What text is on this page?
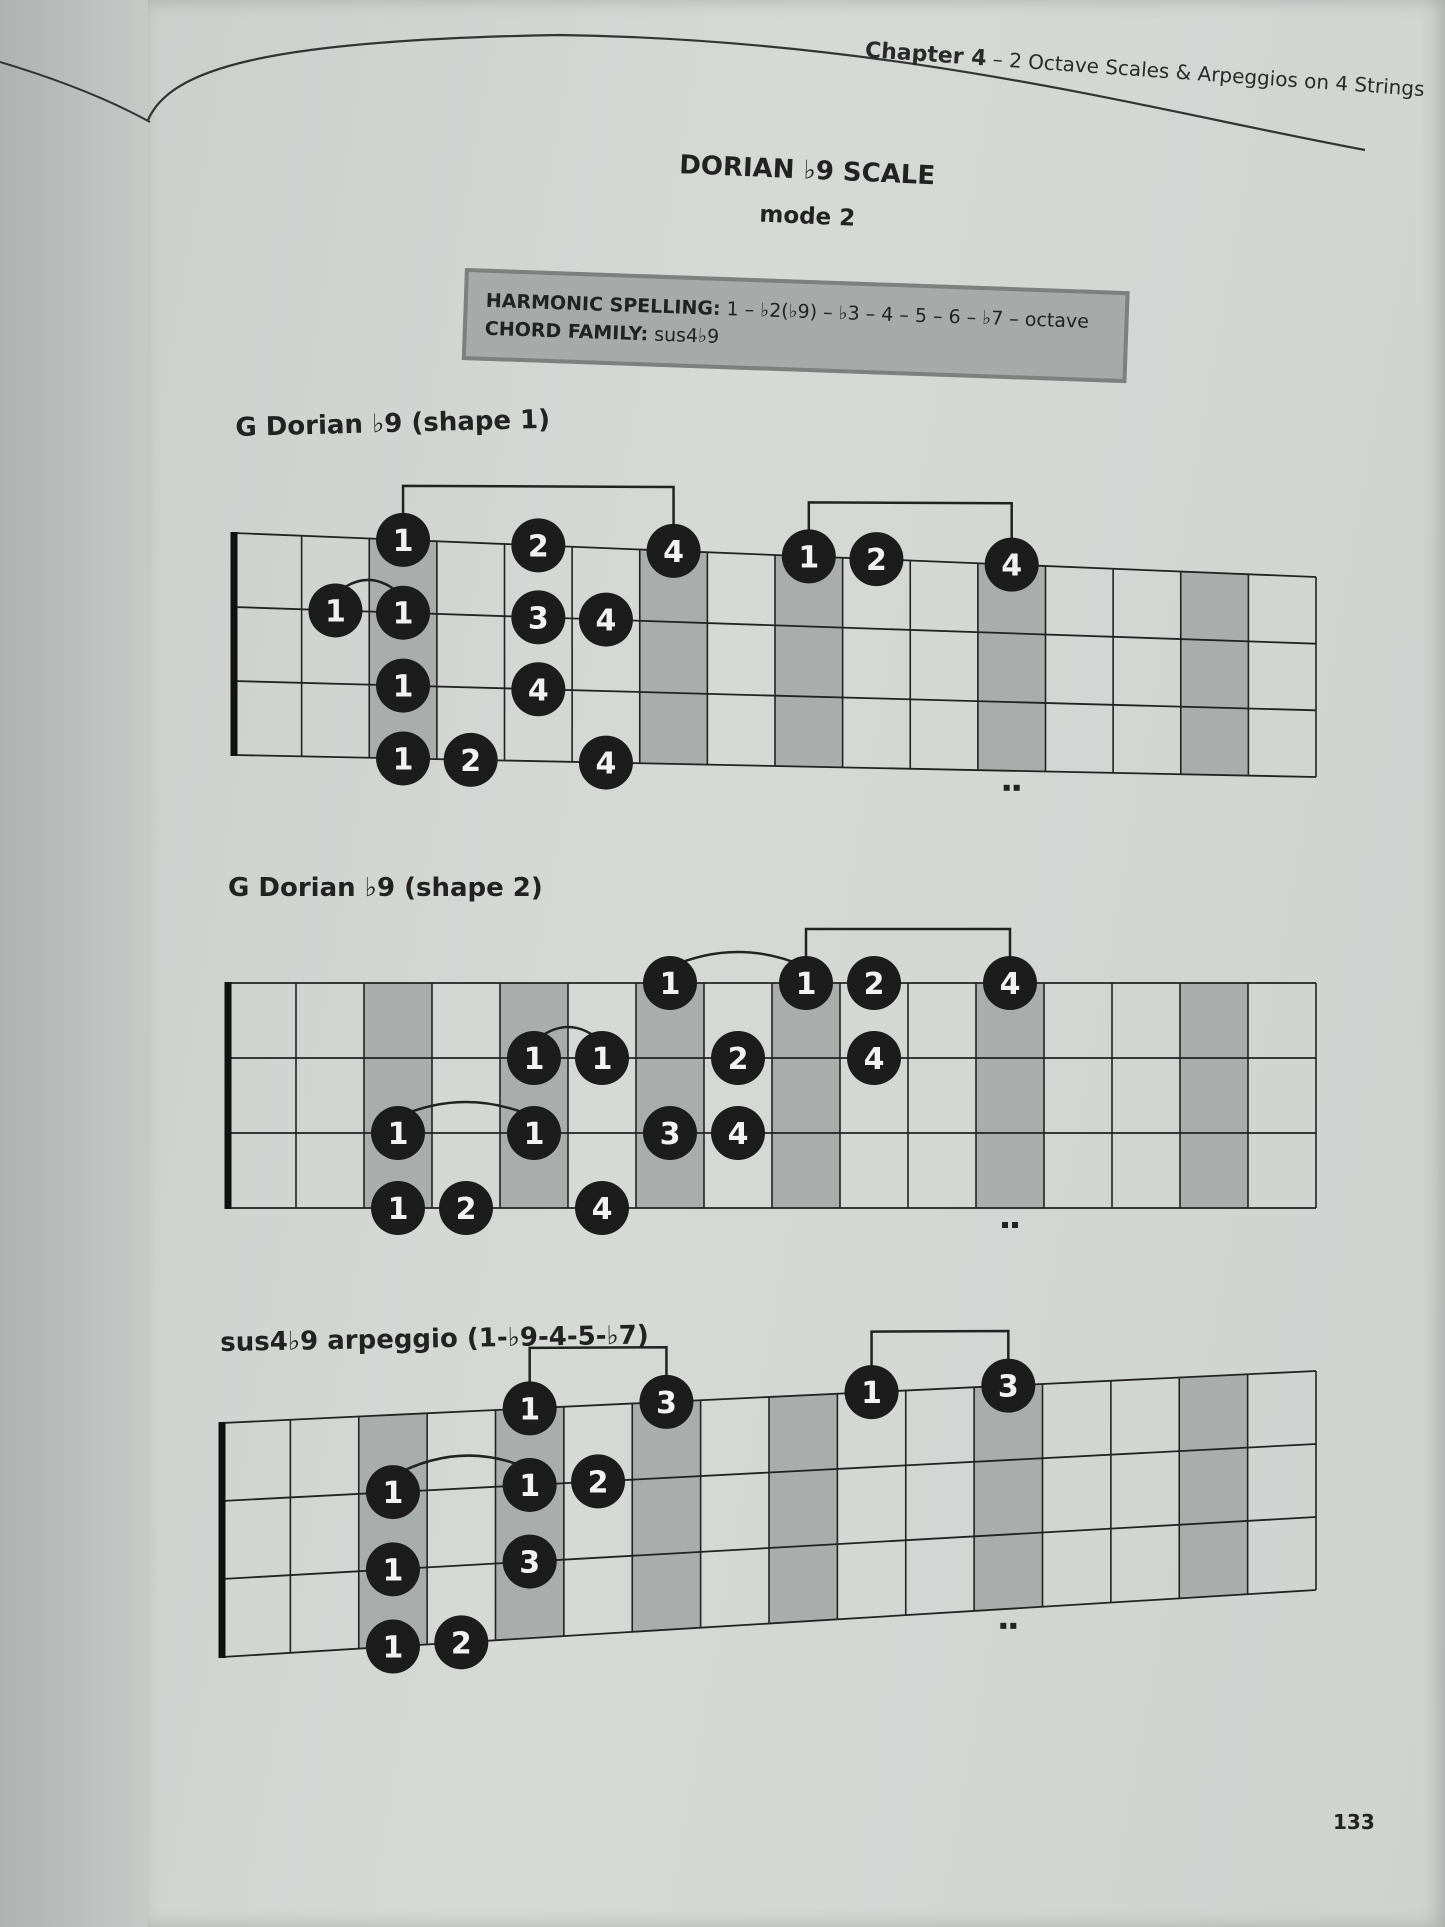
Chapter 4 – 2 Octave Scales & Arpeggios on 4 Strings
DORIAN ♭9 SCALE
mode 2
HARMONIC SPELLING: 1 – ♭2(♭9) – ♭3 – 4 – 5 – 6 – ♭7 – octave
CHORD FAMILY: sus4♭9
G Dorian ♭9 (shape 1)
G Dorian ♭9 (shape 2)
sus4♭9 arpeggio (1-♭9-4-5-♭7)
1	2	4	1 2	4
1 1	3 4
1	4
1 2	4
1	1 2	4
1 1	2	4
1	1	3 4
1 2	4
1	3	1	3
1	1 2
1	3
1 2
133
